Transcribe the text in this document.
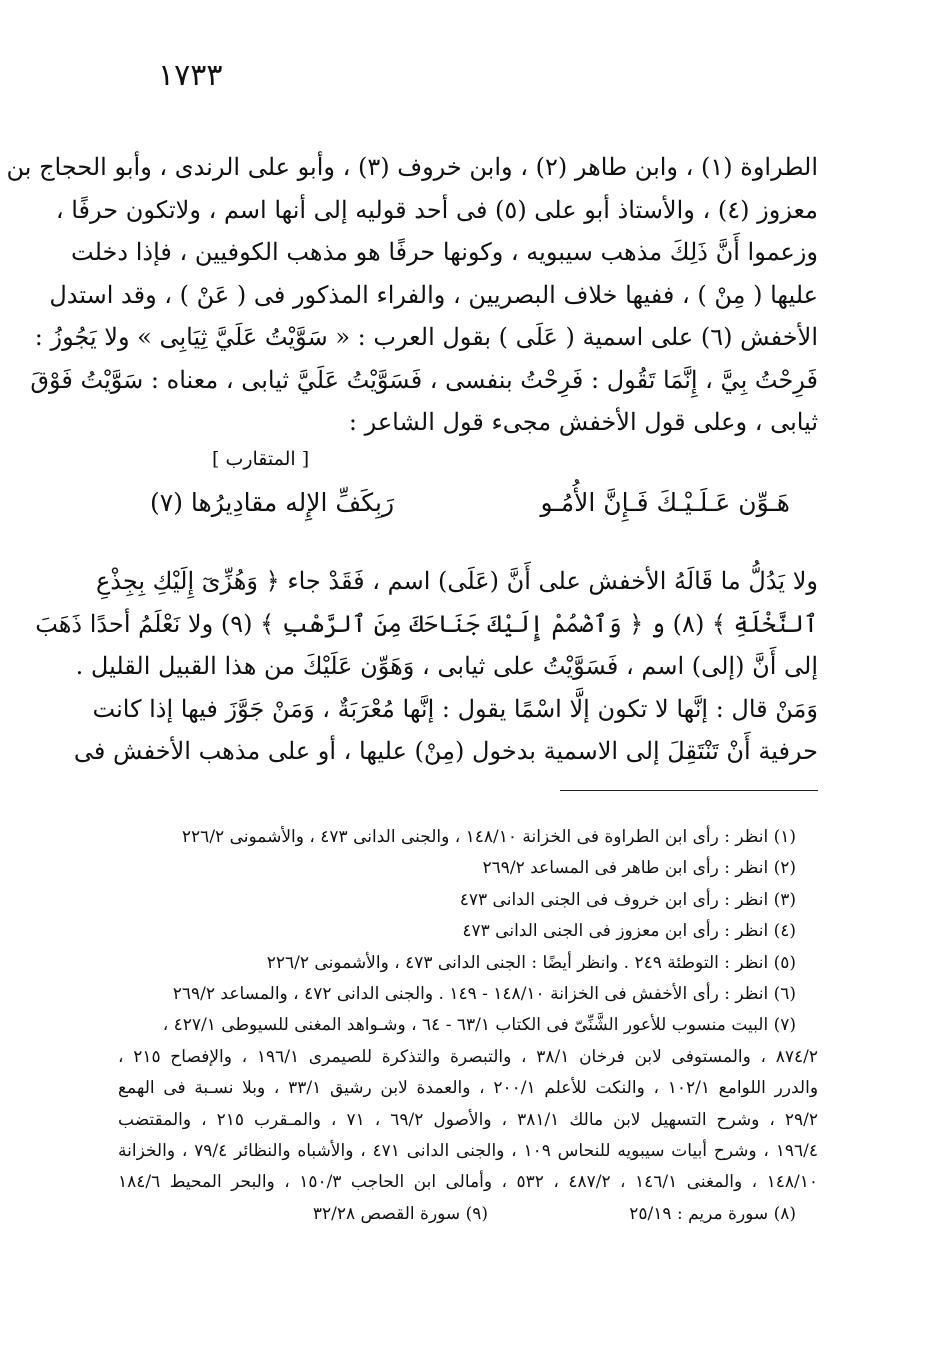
١٧٣٣
الطراوة (١) ، وابن طاهر (٢) ، وابن خروف (٣) ، وأبو على الرندى ، وأبو الحجاج بن
معزوز (٤) ، والأستاذ أبو على (٥) فى أحد قوليه إلى أنها اسم ، ولاتكون حرفًا ،
وزعموا أَنَّ ذَلِكَ مذهب سيبويه ، وكونها حرفًا هو مذهب الكوفيين ، فإذا دخلت
عليها ( مِنْ ) ، ففيها خلاف البصريين ، والفراء المذكور فى ( عَنْ ) ، وقد استدل
الأخفش (٦) على اسمية ( عَلَى ) بقول العرب : « سَوَّيْتُ عَلَيَّ ثِيَابِى » ولا يَجُوزُ :
فَرِحْتُ بِيَّ ، إِنَّمَا تَقُول : فَرِحْتُ بنفسى ، فَسَوَّيْتُ عَلَيَّ ثيابى ، معناه : سَوَّيْتُ فَوْقَ
ثيابى ، وعلى قول الأخفش مجىء قول الشاعر :
[ المتقارب ]
هَـوِّن عَـلَـيْـكَ فَـإِنَّ الأُمُـو
رَبِكَفِّ الإِله مقادِيرُها (٧)
ولا يَدُلُّ ما قَالَهُ الأخفش على أَنَّ (عَلَى) اسم ، فَقَدْ جاء ﴿ وَهُزِّىٓ إِلَيْكِ بِجِذْعِ
ٱلنَّخْلَةِ ﴾ (٨) و ﴿ وَٱضْمُمْ إِلَيْكَ جَنَاحَكَ مِنَ ٱلرَّهْبِ ﴾ (٩) ولا نَعْلَمُ أحدًا ذَهَبَ
إلى أَنَّ (إلى) اسم ، فَسَوَّيْتُ على ثيابى ، وَهَوِّن عَلَيْكَ من هذا القبيل القليل .
وَمَنْ قال : إنَّها لا تكون إلَّا اسْمًا يقول : إنَّها مُعْرَبَةٌ ، وَمَنْ جَوَّزَ فيها إذا كانت
حرفية أَنْ تَنْتَقِلَ إلى الاسمية بدخول (مِنْ) عليها ، أو على مذهب الأخفش فى
(١) انظر : رأى ابن الطراوة فى الخزانة ١٤٨/١٠ ، والجنى الدانى ٤٧٣ ، والأشمونى ٢٢٦/٢
(٢) انظر : رأى ابن طاهر فى المساعد ٢٦٩/٢
(٣) انظر : رأى ابن خروف فى الجنى الدانى ٤٧٣
(٤) انظر : رأى ابن معزوز فى الجنى الدانى ٤٧٣
(٥) انظر : التوطئة ٢٤٩ . وانظر أيضًا : الجنى الدانى ٤٧٣ ، والأشمونى ٢٢٦/٢
(٦) انظر : رأى الأخفش فى الخزانة ١٤٨/١٠ - ١٤٩ . والجنى الدانى ٤٧٢ ، والمساعد ٢٦٩/٢
(٧) البيت منسوب للأعور الشَّنِّىّ فى الكتاب ٦٣/١ - ٦٤ ، وشـواهد المغنى للسيوطى ٤٢٧/١ ،
٨٧٤/٢ ، والمستوفى لابن فرخان ٣٨/١ ، والتبصرة والتذكرة للصيمرى ١٩٦/١ ، والإفصاح ٢١٥ ،
والدرر اللوامع ١٠٢/١ ، والنكت للأعلم ٢٠٠/١ ، والعمدة لابن رشيق ٣٣/١ ، وبلا نسـبة فى الهمع
٢٩/٢ ، وشرح التسهيل لابن مالك ٣٨١/١ ، والأصول ٦٩/٢ ، ٧١ ، والمـقرب ٢١٥ ، والمقتضب
١٩٦/٤ ، وشرح أبيات سيبويه للنحاس ١٠٩ ، والجنى الدانى ٤٧١ ، والأشباه والنظائر ٧٩/٤ ، والخزانة
١٤٨/١٠ ، والمغنى ١٤٦/١ ، ٤٨٧/٢ ، ٥٣٢ ، وأمالى ابن الحاجب ١٥٠/٣ ، والبحر المحيط ١٨٤/٦
(٨) سورة مريم : ٢٥/١٩
(٩) سورة القصص ٣٢/٢٨
